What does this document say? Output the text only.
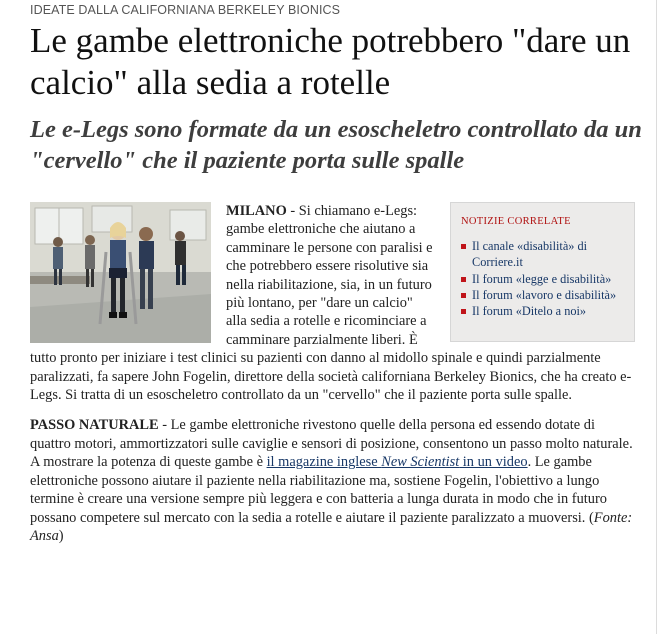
IDEATE DALLA CALIFORNIANA BERKELEY BIONICS
Le gambe elettroniche potrebbero "dare un calcio" alla sedia a rotelle
Le e-Legs sono formate da un esoscheletro controllato da un "cervello" che il paziente porta sulle spalle
NOTIZIE CORRELATE
Il canale «disabilità» di Corriere.it
Il forum «legge e disabilità»
Il forum «lavoro e disabilità»
Il forum «Ditelo a noi»

MILANO - Si chiamano e-Legs: gambe elettroniche che aiutano a camminare le persone con paralisi e che potrebbero essere risolutive sia nella riabilitazione, sia, in un futuro più lontano, per "dare un calcio" alla sedia a rotelle e ricominciare a camminare parzialmente liberi. È tutto pronto per iniziare i test clinici su pazienti con danno al midollo spinale e quindi parzialmente paralizzati, fa sapere John Fogelin, direttore della società californiana Berkeley Bionics, che ha creato e-Legs. Si tratta di un esoscheletro controllato da un "cervello" che il paziente porta sulle spalle.

PASSO NATURALE - Le gambe elettroniche rivestono quelle della persona ed essendo dotate di quattro motori, ammortizzatori sulle caviglie e sensori di posizione, consentono un passo molto naturale. A mostrare la potenza di queste gambe è il magazine inglese New Scientist in un video. Le gambe elettroniche possono aiutare il paziente nella riabilitazione ma, sostiene Fogelin, l'obiettivo a lungo termine è creare una versione sempre più leggera e con batteria a lunga durata in modo che in futuro possano competere sul mercato con la sedia a rotelle e aiutare il paziente paralizzato a muoversi. (Fonte: Ansa)
